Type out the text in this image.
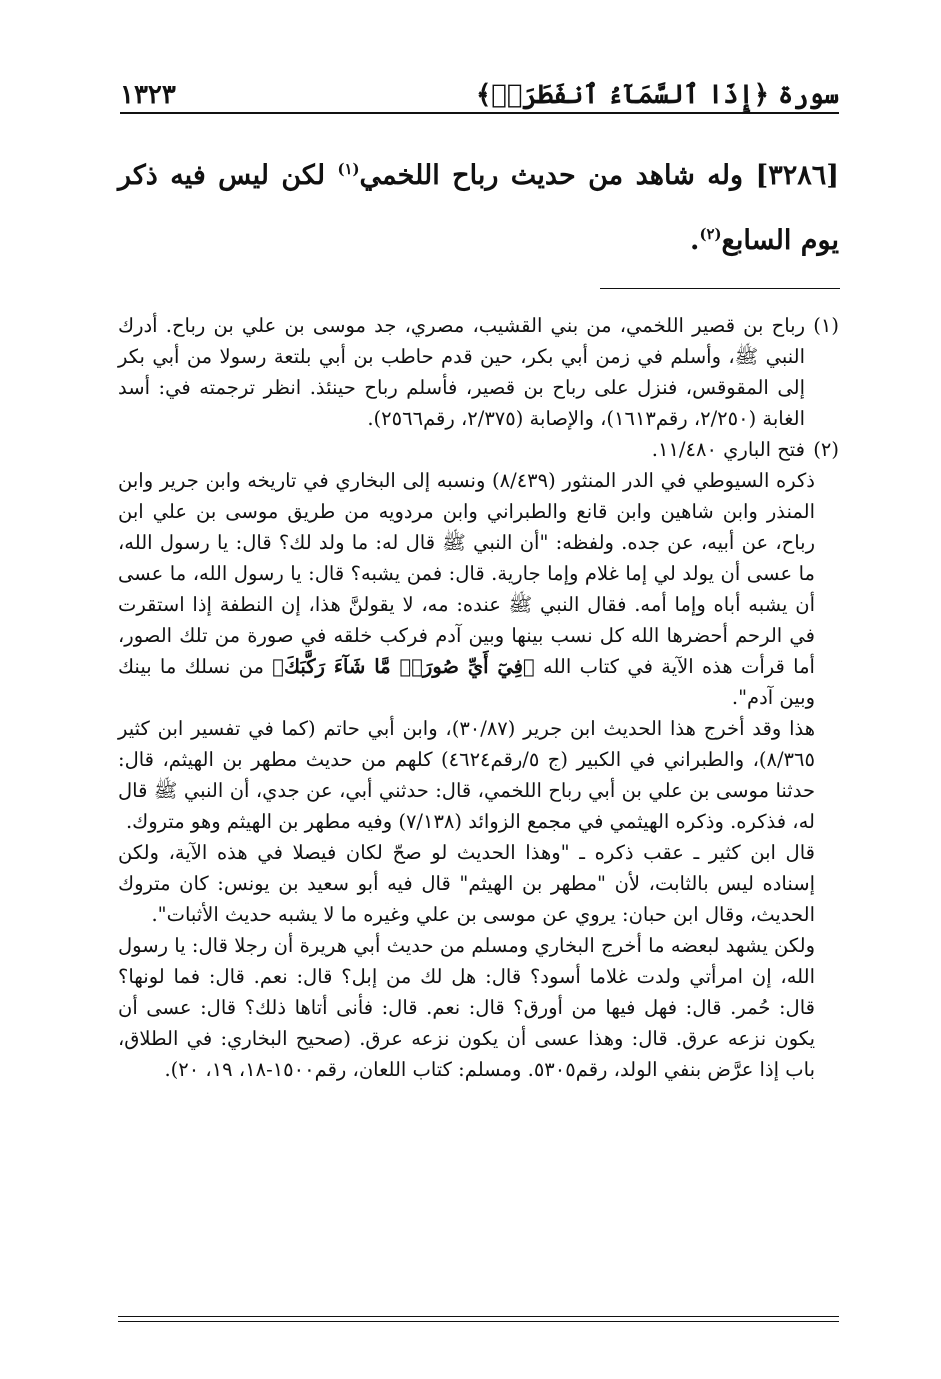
سورة ﴿إِذَا ٱلسَّمَآءُ ٱنفَطَرَتۡ﴾
١٣٢٣
[٣٢٨٦] وله شاهد من حديث رباح اللخمي$^{(١)}$ لكن ليس فيه ذكر يوم السابع$^{(٢)}$.

(١)
رباح بن قصير اللخمي، من بني القشيب، مصري، جد موسى بن علي بن رباح. أدرك النبي ﷺ، وأسلم في زمن أبي بكر، حين قدم حاطب بن أبي بلتعة رسولا من أبي بكر إلى المقوقس، فنزل على رباح بن قصير، فأسلم رباح حينئذ. انظر ترجمته في: أسد الغابة (٢/٢٥٠، رقم١٦١٣)، والإصابة (٢/٣٧٥، رقم٢٥٦٦).

(٢)
فتح الباري ١١/٤٨٠.

ذكره السيوطي في الدر المنثور (٨/٤٣٩) ونسبه إلى البخاري في تاريخه وابن جرير وابن المنذر وابن شاهين وابن قانع والطبراني وابن مردويه من طريق موسى بن علي ابن رباح، عن أبيه، عن جده. ولفظه: "أن النبي ﷺ قال له: ما ولد لك؟ قال: يا رسول الله، ما عسى أن يولد لي إما غلام وإما جارية. قال: فمن يشبه؟ قال: يا رسول الله، ما عسى أن يشبه أباه وإما أمه. فقال النبي ﷺ عنده: مه، لا يقولنَّ هذا، إن النطفة إذا استقرت في الرحم أحضرها الله كل نسب بينها وبين آدم فركب خلقه في صورة من تلك الصور، أما قرأت هذه الآية في كتاب الله ﴿فِيٓ أَيِّ صُورَةٖ مَّا شَآءَ رَكَّبَكَ﴾ من نسلك ما بينك وبين آدم".

هذا وقد أخرج هذا الحديث ابن جرير (٣٠/٨٧)، وابن أبي حاتم (كما في تفسير ابن كثير ٨/٣٦٥)، والطبراني في الكبير (ج ٥/رقم٤٦٢٤) كلهم من حديث مطهر بن الهيثم، قال: حدثنا موسى بن علي بن أبي رباح اللخمي، قال: حدثني أبي، عن جدي، أن النبي ﷺ قال له، فذكره. وذكره الهيثمي في مجمع الزوائد (٧/١٣٨) وفيه مطهر بن الهيثم وهو متروك.

قال ابن كثير ـ عقب ذكره ـ "وهذا الحديث لو صحّ لكان فيصلا في هذه الآية، ولكن إسناده ليس بالثابت، لأن "مطهر بن الهيثم" قال فيه أبو سعيد بن يونس: كان متروك الحديث، وقال ابن حبان: يروي عن موسى بن علي وغيره ما لا يشبه حديث الأثبات".

ولكن يشهد لبعضه ما أخرج البخاري ومسلم من حديث أبي هريرة أن رجلا قال: يا رسول الله، إن امرأتي ولدت غلاما أسود؟ قال: هل لك من إبل؟ قال: نعم. قال: فما لونها؟ قال: حُمر. قال: فهل فيها من أورق؟ قال: نعم. قال: فأنى أتاها ذلك؟ قال: عسى أن يكون نزعه عرق. قال: وهذا عسى أن يكون نزعه عرق. (صحيح البخاري: في الطلاق، باب إذا عرَّض بنفي الولد، رقم٥٣٠٥. ومسلم: كتاب اللعان، رقم١٥٠٠-١٨، ١٩، ٢٠).
